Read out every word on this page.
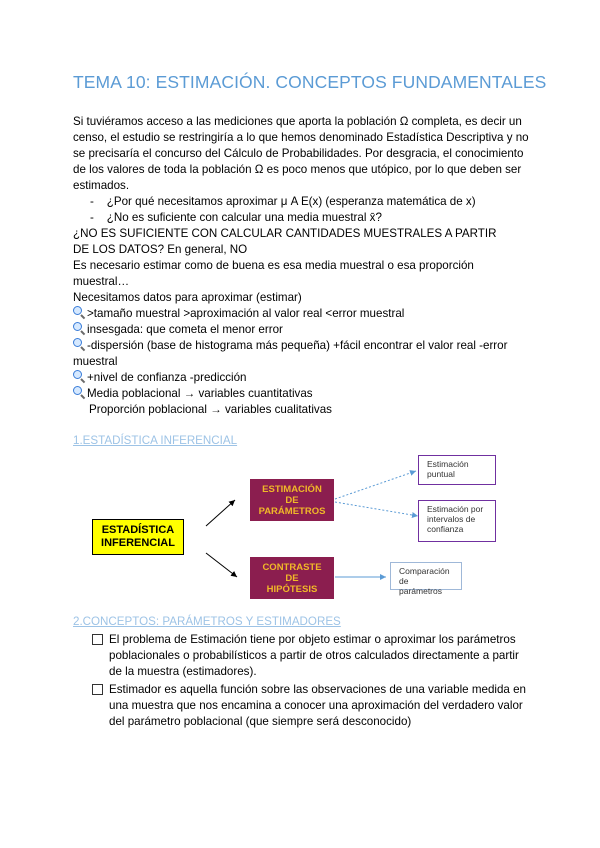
TEMA 10: ESTIMACIÓN. CONCEPTOS FUNDAMENTALES
Si tuviéramos acceso a las mediciones que aporta la población Ω completa, es decir un censo, el estudio se restringiría a lo que hemos denominado Estadística Descriptiva y no se precisaría el concurso del Cálculo de Probabilidades. Por desgracia, el conocimiento de los valores de toda la población Ω es poco menos que utópico, por lo que deben ser estimados.
-    ¿Por qué necesitamos aproximar μ A E(x) (esperanza matemática de x)
-    ¿No es suficiente con calcular una media muestral x̄?
¿NO ES SUFICIENTE CON CALCULAR CANTIDADES MUESTRALES A PARTIR
DE LOS DATOS? En general, NO
Es necesario estimar como de buena es esa media muestral o esa proporción
muestral…
Necesitamos datos para aproximar (estimar)
>tamaño muestral >aproximación al valor real <error muestral
insesgada: que cometa el menor error
-dispersión (base de histograma más pequeña) +fácil encontrar el valor real -error
muestral
+nivel de confianza -predicción
Media poblacional → variables cuantitativas
Proporción poblacional → variables cualitativas
1.ESTADÍSTICA INFERENCIAL
ESTADÍSTICA
INFERENCIAL
ESTIMACIÓN
DE
PARÁMETROS
CONTRASTE
DE
HIPÓTESIS
Estimación
puntual
Estimación por
intervalos de
confianza
Comparación
de parámetros
2.CONCEPTOS: PARÁMETROS Y ESTIMADORES
El problema de Estimación tiene por objeto estimar o aproximar los parámetros poblacionales o probabilísticos a partir de otros calculados directamente a partir de la muestra (estimadores).
Estimador es aquella función sobre las observaciones de una variable medida en una muestra que nos encamina a conocer una aproximación del verdadero valor del parámetro poblacional (que siempre será desconocido)
